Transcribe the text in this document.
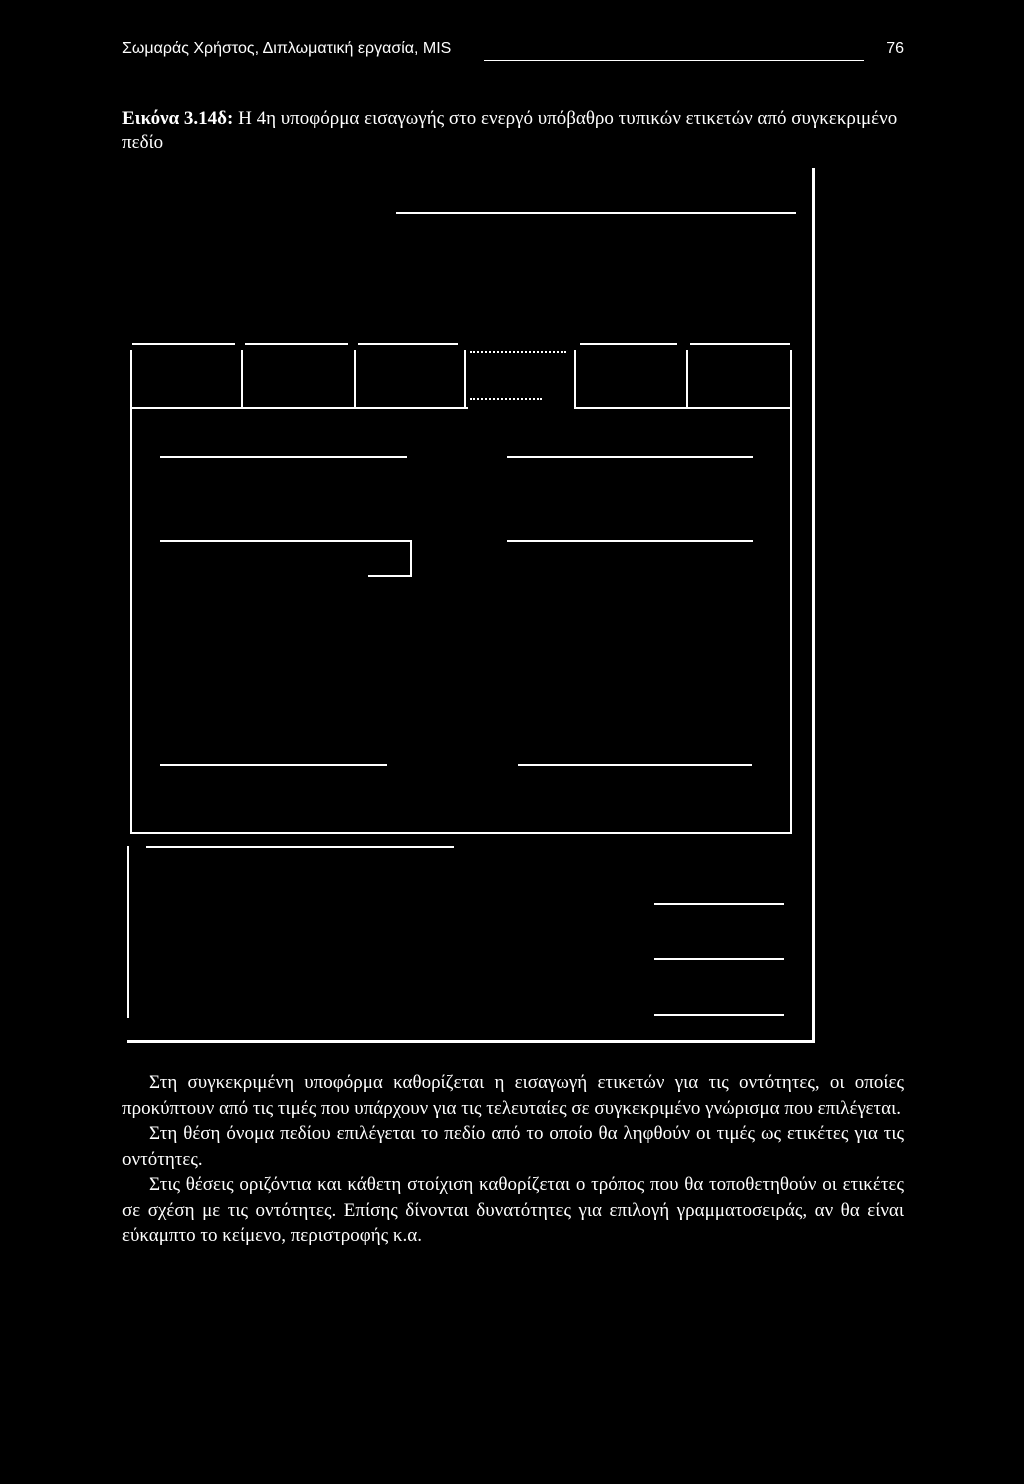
Σωμαράς Χρήστος, Διπλωματική εργασία, MIS	76
Εικόνα 3.14δ: Η 4η υποφόρμα εισαγωγής στο ενεργό υπόβαθρο τυπικών ετικετών από συγκεκριμένο πεδίο

Στη συγκεκριμένη υποφόρμα καθορίζεται η εισαγωγή ετικετών για τις οντότητες, οι οποίες προκύπτουν από τις τιμές που υπάρχουν για τις τελευταίες σε συγκεκριμένο γνώρισμα που επιλέγεται.

Στη θέση όνομα πεδίου επιλέγεται το πεδίο από το οποίο θα ληφθούν οι τιμές ως ετικέτες για τις οντότητες.

Στις θέσεις οριζόντια και κάθετη στοίχιση καθορίζεται ο τρόπος που θα τοποθετηθούν οι ετικέτες σε σχέση με τις οντότητες. Επίσης δίνονται δυνατότητες για επιλογή γραμματοσειράς, αν θα είναι εύκαμπτο το κείμενο, περιστροφής κ.α.
